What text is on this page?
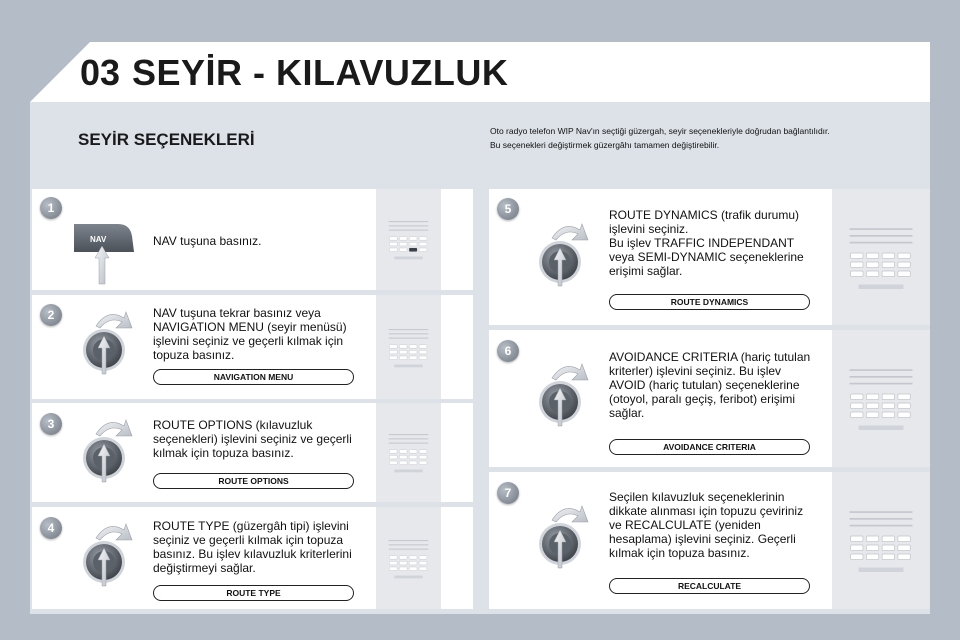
03 SEYİR - KILAVUZLUK
SEYİR SEÇENEKLERİ	Oto radyo telefon WIP Nav'ın seçtiği güzergah, seyir seçenekleriyle doğrudan bağlantılıdır.
Bu seçenekleri değiştirmek güzergâhı tamamen değiştirebilir.
1
NAV tuşuna basınız.
NAV
2	NAV tuşuna tekrar basınız veya
NAVIGATION MENU (seyir menüsü)
işlevini seçiniz ve geçerli kılmak için
topuza basınız.
NAVIGATION MENU
3	ROUTE OPTIONS (kılavuzluk
seçenekleri) işlevini seçiniz ve geçerli
kılmak için topuza basınız.
ROUTE OPTIONS
4	ROUTE TYPE (güzergâh tipi) işlevini
seçiniz ve geçerli kılmak için topuza
basınız. Bu işlev kılavuzluk kriterlerini
değiştirmeyi sağlar.
ROUTE TYPE
5	ROUTE DYNAMICS (trafik durumu)
işlevini seçiniz.
Bu işlev TRAFFIC INDEPENDANT
veya SEMI-DYNAMIC seçeneklerine
erişimi sağlar.
ROUTE DYNAMICS
6	AVOIDANCE CRITERIA (hariç tutulan
kriterler) işlevini seçiniz. Bu işlev
AVOID (hariç tutulan) seçeneklerine
(otoyol, paralı geçiş, feribot) erişimi
sağlar.
AVOIDANCE CRITERIA
7	Seçilen kılavuzluk seçeneklerinin
dikkate alınması için topuzu çeviriniz
ve RECALCULATE (yeniden
hesaplama) işlevini seçiniz. Geçerli
kılmak için topuza basınız.
RECALCULATE
